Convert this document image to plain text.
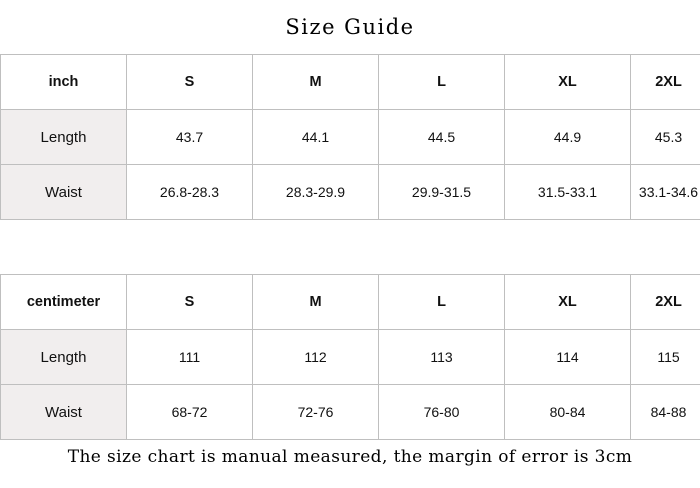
Size Guide
inch	S	M	L	XL	2XL
Length	43.7	44.1	44.5	44.9	45.3
Waist	26.8-28.3	28.3-29.9	29.9-31.5	31.5-33.1	33.1-34.6
centimeter	S	M	L	XL	2XL
Length	111	112	113	114	115
Waist	68-72	72-76	76-80	80-84	84-88
The size chart is manual measured, the margin of error is 3cm
